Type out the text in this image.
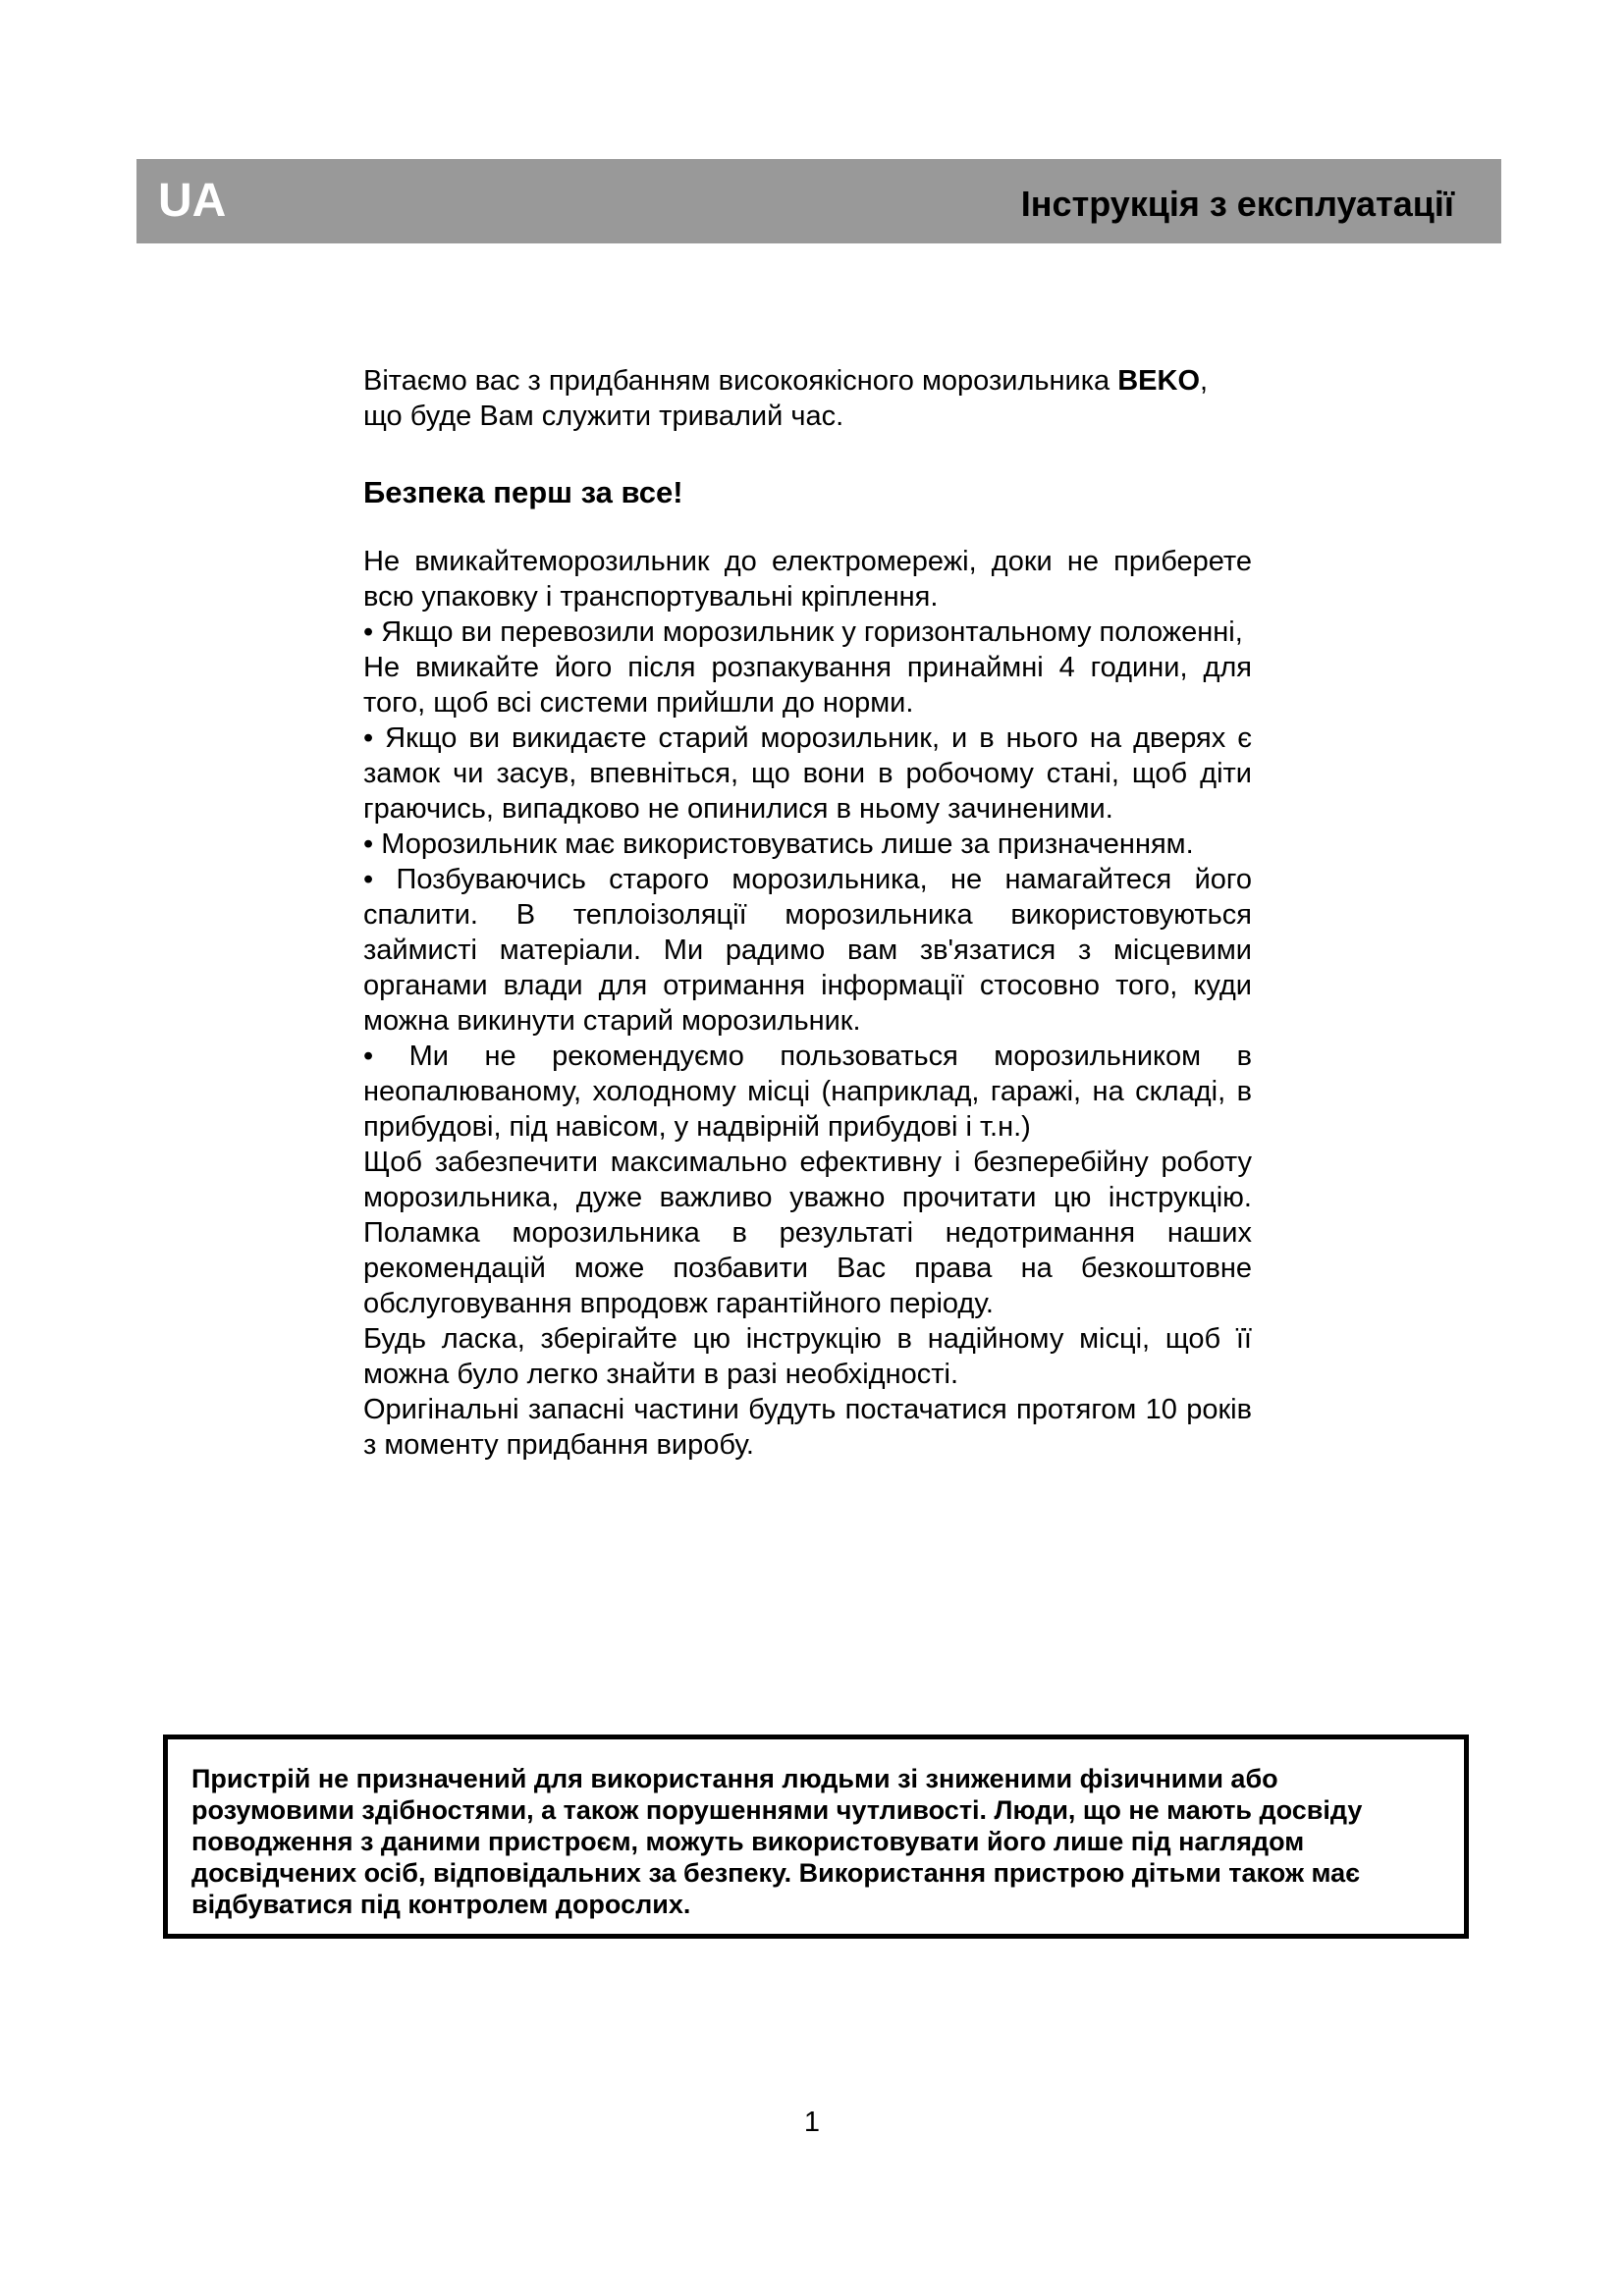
UA	Інструкція з експлуатації

Вітаємо вас з придбанням високоякісного морозильника BEKO, що буде Вам служити тривалий час.

Безпека перш за все!

Не вмикайтеморозильник до електромережі, доки не приберете всю упаковку і транспортувальні кріплення.

• Якщо ви перевозили морозильник у горизонтальному положенні,

Не вмикайте його після розпакування принаймні 4 години, для того, щоб всі системи прийшли до норми.

• Якщо ви викидаєте старий морозильник, и в нього на дверях є замок чи засув, впевніться, що вони в робочому стані, щоб діти граючись, випадково не опинилися в ньому зачиненими.

• Морозильник має використовуватись лише за призначенням.

• Позбуваючись старого морозильника, не намагайтеся його спалити. В теплоізоляції морозильника використовуються займисті матеріали. Ми радимо вам зв'язатися з місцевими органами влади для отримання інформації стосовно того, куди можна викинути старий морозильник.

• Ми не рекомендуємо пользоваться морозильником в неопалюваному, холодному місці (наприклад, гаражі, на складі, в прибудові, під навісом, у надвірній прибудові і т.н.)

Щоб забезпечити максимально ефективну і безперебійну роботу морозильника, дуже важливо уважно прочитати цю інструкцію. Поламка морозильника в результаті недотримання наших рекомендацій може позбавити Вас права на безкоштовне обслуговування впродовж гарантійного періоду.

Будь ласка, зберігайте цю інструкцію в надійному місці, щоб її можна було легко знайти в разі необхідності.

Оригінальні запасні частини будуть постачатися протягом 10 років з моменту придбання виробу.

Пристрій не призначений для використання людьми зі зниженими фізичними або розумовими здібностями, а також порушеннями чутливості. Люди, що не мають досвіду поводження з даними пристроєм, можуть використовувати його лише під наглядом досвідчених осіб, відповідальних за безпеку. Використання пристрою дітьми також має відбуватися під контролем дорослих.

1
